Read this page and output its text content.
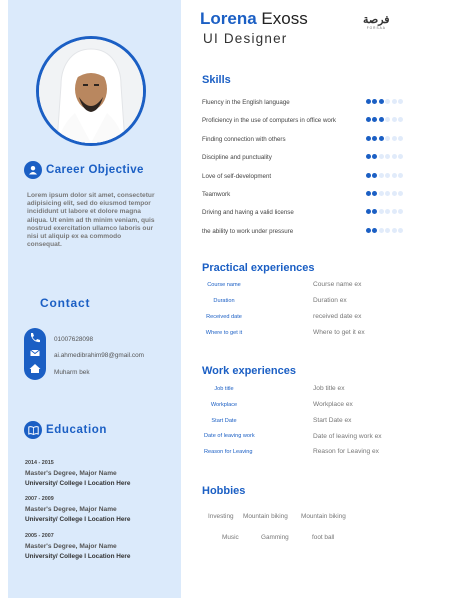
Career Objective
Lorem ipsum dolor sit amet, consectetur adipisicing elit, sed do eiusmod tempor incididunt ut labore et dolore magna aliqua. Ut enim ad th minim veniam, quis nostrud exercitation ullamco laboris our nisi ut aliquip ex ea commodo consequat.
Contact
01007628098
ai.ahmedibrahim98@gmail.com
Muharm bek
Education
2014 - 2015
Master's Degree, Major Name
University/ College I Location Here
2007 - 2009
Master's Degree, Major Name
University/ College I Location Here
2005 - 2007
Master's Degree, Major Name
University/ College I Location Here
Lorena Exoss
UI Designer
فرصة
FORSAA
Skills
Fluency in the English language
Proficiency in the use of computers in office work
Finding connection with others
Discipline and punctuality
Love of self-development
Teamwork
Driving and having a valid license
the ability to work under pressure
Practical experiences
Course name
Duration
Received date
Where to get it
Course name ex
Duration ex
received date ex
Where to get it ex
Work experiences
Job title
Workplace
Start Date
Date of leaving work
Reason for Leaving
Job title ex
Workplace ex
Start Date ex
Date of leaving work ex
Reason for Leaving ex
Hobbies
Investing Mountain biking Mountain biking
Music	Gamming	foot ball
